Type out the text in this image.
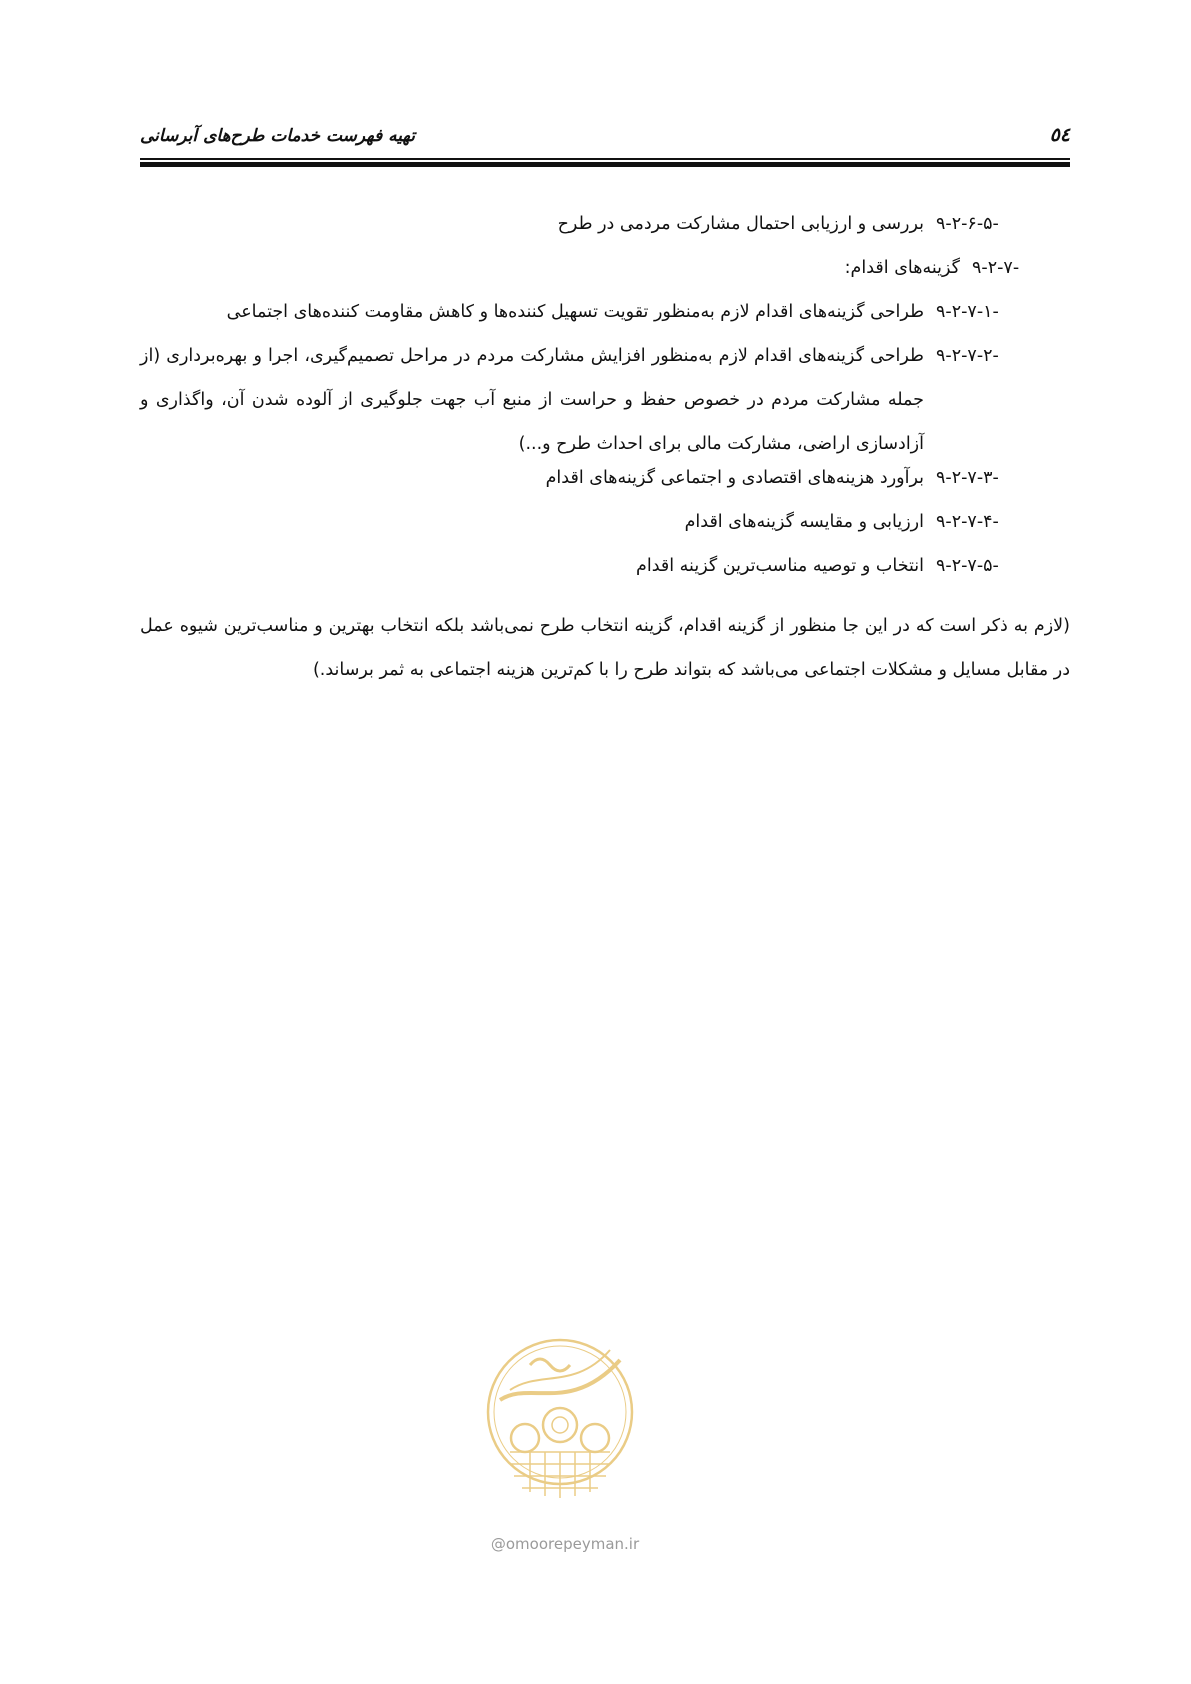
٥٤
تهیه فهرست خدمات طرح‌های آبرسانی
۹-۲-۶-۵-
بررسی و ارزیابی احتمال مشارکت مردمی در طرح
۹-۲-۷-
گزینه‌های اقدام:
۹-۲-۷-۱-
طراحی گزینه‌های اقدام لازم به‌منظور تقویت تسهیل کننده‌ها و کاهش مقاومت کننده‌های اجتماعی
۹-۲-۷-۲-
طراحی گزینه‌های اقدام لازم به‌منظور افزایش مشارکت مردم در مراحل تصمیم‌گیری، اجرا و بهره‌برداری (از جمله مشارکت مردم در خصوص حفظ و حراست از منبع آب جهت جلوگیری از آلوده شدن آن، واگذاری و آزادسازی اراضی، مشارکت مالی برای احداث طرح و...)
۹-۲-۷-۳-
برآورد هزینه‌های اقتصادی و اجتماعی گزینه‌های اقدام
۹-۲-۷-۴-
ارزیابی و مقایسه گزینه‌های اقدام
۹-۲-۷-۵-
انتخاب و توصیه مناسب‌ترین گزینه اقدام
(لازم به ذکر است که در این جا منظور از گزینه اقدام، گزینه انتخاب طرح نمی‌باشد بلکه انتخاب بهترین و مناسب‌ترین شیوه عمل در مقابل مسایل و مشکلات اجتماعی می‌باشد که بتواند طرح را با کم‌ترین هزینه اجتماعی به ثمر برساند.)
@omoorepeyman.ir
